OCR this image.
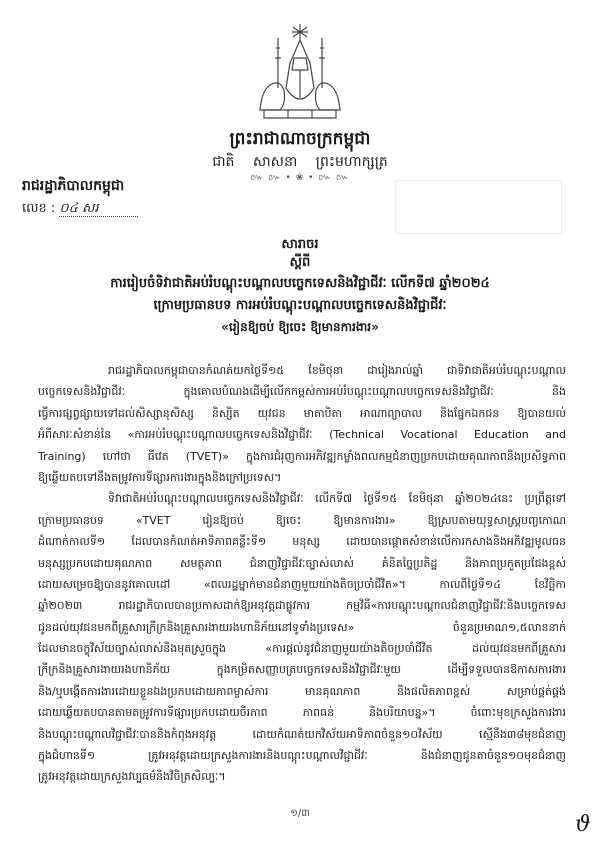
ព្រះរាជាណាចក្រកម្ពុជា
ជាតិ សាសនា ព្រះមហាក្សត្រ
៚ ៚ • ❀ • ៚ ៚
រាជរដ្ឋាភិបាលកម្ពុជា
លេខ : ០៤ សរ
សារាចរ
ស្តីពី
ការរៀបចំទិវាជាតិអប់រំបណ្តុះបណ្តាលបច្ចេកទេសនិងវិជ្ជាជីវៈ លើកទី៧ ឆ្នាំ២០២៤
ក្រោមប្រធានបទ ការអប់រំបណ្តុះបណ្តាលបច្ចេកទេសនិងវិជ្ជាជីវៈ
«រៀនឱ្យចប់ ឱ្យចេះ ឱ្យមានការងារ»
រាជរដ្ឋាភិបាលកម្ពុជាបានកំណត់យកថ្ងៃទី១៥ ខែមិថុនា ជារៀងរាល់ឆ្នាំ ជាទិវាជាតិអប់រំបណ្តុះបណ្តាល
បច្ចេកទេសនិងវិជ្ជាជីវៈ ក្នុងគោលបំណងដើម្បីលើកកម្ពស់ការអប់រំបណ្តុះបណ្តាលបច្ចេកទេសនិងវិជ្ជាជីវៈ និង
ធ្វើការផ្សព្វផ្សាយទៅដល់សិស្សានុសិស្ស និស្សិត យុវជន មាតាបិតា អាណាព្យាបាល និងផ្នែកឯកជន ឱ្យបានយល់
អំពីសារៈសំខាន់នៃ «ការអប់រំបណ្តុះបណ្តាលបច្ចេកទេសនិងវិជ្ជាជីវៈ (Technical Vocational Education and
Training) ហៅថា ធីវេត (TVET)» ក្នុងការជំរុញការអភិវឌ្ឍកម្លាំងពលកម្មជំនាញប្រកបដោយគុណភាពនិងប្រសិទ្ធភាព
ឱ្យឆ្លើយតបទៅនឹងតម្រូវការទីផ្សារការងារក្នុងនិងក្រៅប្រទេស។
ទិវាជាតិអប់រំបណ្តុះបណ្តាលបច្ចេកទេសនិងវិជ្ជាជីវៈ លើកទី៧ ថ្ងៃទី១៥ ខែមិថុនា ឆ្នាំ២០២៤នេះ ប្រព្រឹត្តទៅ
ក្រោមប្រធានបទ «TVET រៀនឱ្យចប់ ឱ្យចេះ ឱ្យមានការងារ» ឱ្យស្របតាមយុទ្ធសាស្ត្របញ្ចកោណ
ដំណាក់កាលទី១ ដែលបានកំណត់អាទិភាពគន្លឹះទី១ មនុស្ស ដោយបានផ្តោតសំខាន់លើការកសាងនិងអភិវឌ្ឍមូលធន
មនុស្សប្រកបដោយគុណភាព សមត្ថភាព ជំនាញវិជ្ជាជីវៈច្បាស់លាស់ គំនិតច្នៃប្រតិដ្ឋ និងភាពប្រកួតប្រជែងខ្ពស់
ដោយសម្រេចឱ្យបាននូវគោលដៅ «ពលរដ្ឋម្នាក់មានជំនាញមួយយ៉ាងតិចប្រចាំជីវិត»។ កាលពីថ្ងៃទី១៤ ខែវិច្ឆិកា
ឆ្នាំ២០២៣ រាជរដ្ឋាភិបាលបានប្រកាសដាក់ឱ្យអនុវត្តជាផ្លូវការ កម្មវិធី«ការបណ្តុះបណ្តាលជំនាញវិជ្ជាជីវៈនិងបច្ចេកទេស
ជូនដល់យុវជនមកពីគ្រួសារក្រីក្រនិងគ្រួសារងាយរងហានិភ័យនៅទូទាំងប្រទេស» ចំនួនប្រមាណ១,៥លាននាក់
ដែលមានចក្ខុវិស័យច្បាស់លាស់និងមុតស្រួចក្នុង «ការផ្តល់នូវជំនាញមួយយ៉ាងតិចប្រចាំជីវិត ដល់យុវជនមកពីគ្រួសារ
ក្រីក្រនិងគ្រួសារងាយរងហានិភ័យ ក្នុងកម្រិតសញ្ញាបត្របច្ចេកទេសនិងវិជ្ជាជីវៈមួយ ដើម្បីទទួលបានឱកាសការងារ
និង/ឬបង្កើតការងារដោយខ្លួនឯងប្រកបដោយភាពម្ចាស់ការ មានគុណភាព និងផលិតភាពខ្ពស់ សម្រាប់ផ្គត់ផ្គង់
ដោយឆ្លើយតបបានតាមតម្រូវការទីផ្សារប្រកបដោយចីរភាព ភាពធន់ និងបរិយាបន្ន»។ ចំពោះមុខក្រសួងការងារ
និងបណ្តុះបណ្តាលវិជ្ជាជីវៈបាននិងកំពុងអនុវត្ត ដោយកំណត់យកវិស័យអាទិភាពចំនួន១០វិស័យ ស្មើនឹង៣៨មុខជំនាញ
ក្នុងជំហានទី១ ត្រូវអនុវត្តដោយក្រសួងការងារនិងបណ្តុះបណ្តាលវិជ្ជាជីវៈ និងជំនាញជូនតាចំនួន១០មុខជំនាញ
ត្រូវអនុវត្តដោយក្រសួងវប្បធម៌និងវិចិត្រសិល្បៈ។
១/៣	ϑ
